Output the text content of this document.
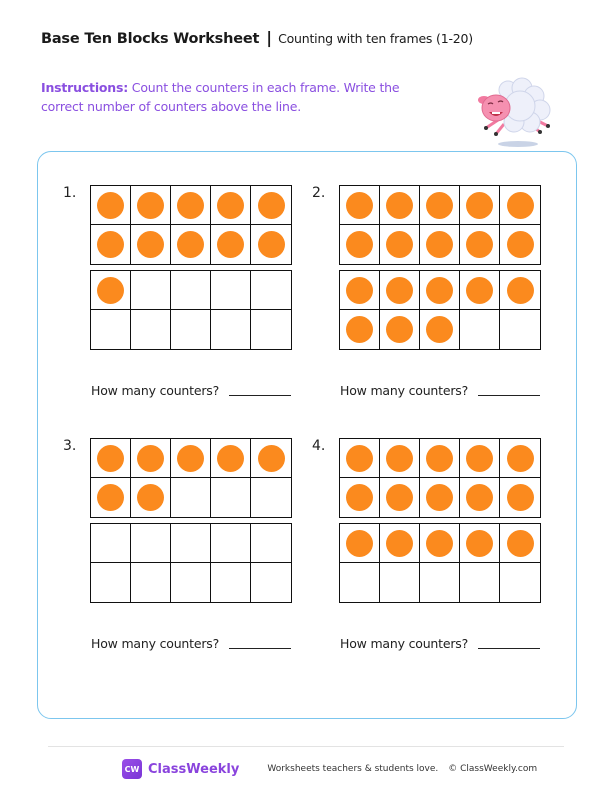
Base Ten Blocks Worksheet | Counting with ten frames (1-20)
Instructions: Count the counters in each frame. Write the correct number of counters above the line.
1.
How many counters?
2.
How many counters?
3.
How many counters?
4.
How many counters?
CW ClassWeekly	Worksheets teachers & students love. © ClassWeekly.com
